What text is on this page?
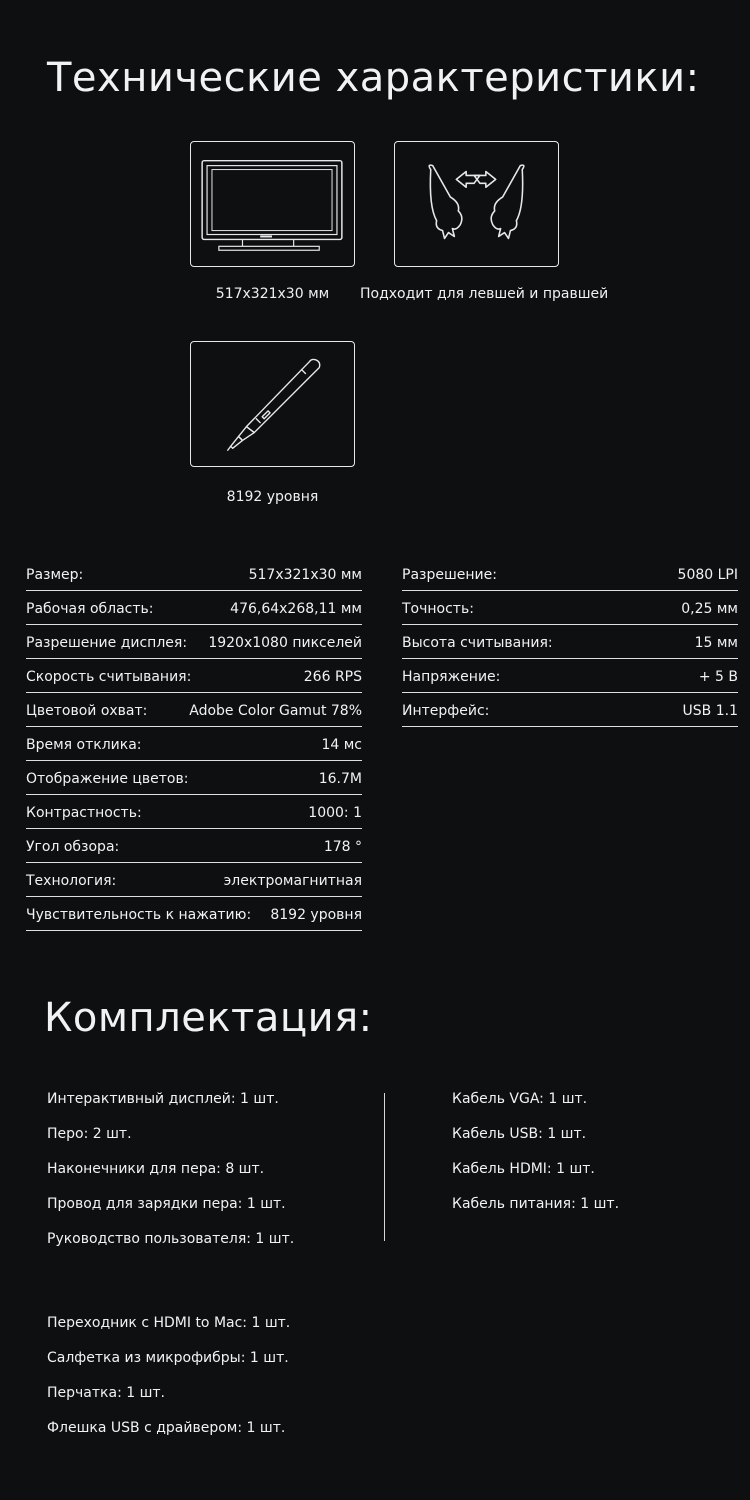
Технические характеристики:
517x321x30 мм	Подходит для левшей и правшей
8192 уровня
Размер:	517x321x30 мм
Рабочая область:	476,64x268,11 мм
Разрешение дисплея: 1920x1080 пикселей
Скорость считывания:	266 RPS
Цветовой охват:	Adobe Color Gamut 78%
Время отклика:	14 мс
Отображение цветов:	16.7M
Контрастность:	1000: 1
Угол обзора:	178 °
Технология:	электромагнитная
Чувствительность к нажатию: 8192 уровня
Разрешение:	5080 LPI
Точность:	0,25 мм
Высота считывания:	15 мм
Напряжение:	+ 5 В
Интерфейс:	USB 1.1
Комплектация:
Интерактивный дисплей: 1 шт.
Перо: 2 шт.
Наконечники для пера: 8 шт.
Провод для зарядки пера: 1 шт.
Руководство пользователя: 1 шт.
Кабель VGA: 1 шт.
Кабель USB: 1 шт.
Кабель HDMI: 1 шт.
Кабель питания: 1 шт.
Переходник с HDMI to Mac: 1 шт.
Салфетка из микрофибры: 1 шт.
Перчатка: 1 шт.
Флешка USB с драйвером: 1 шт.
